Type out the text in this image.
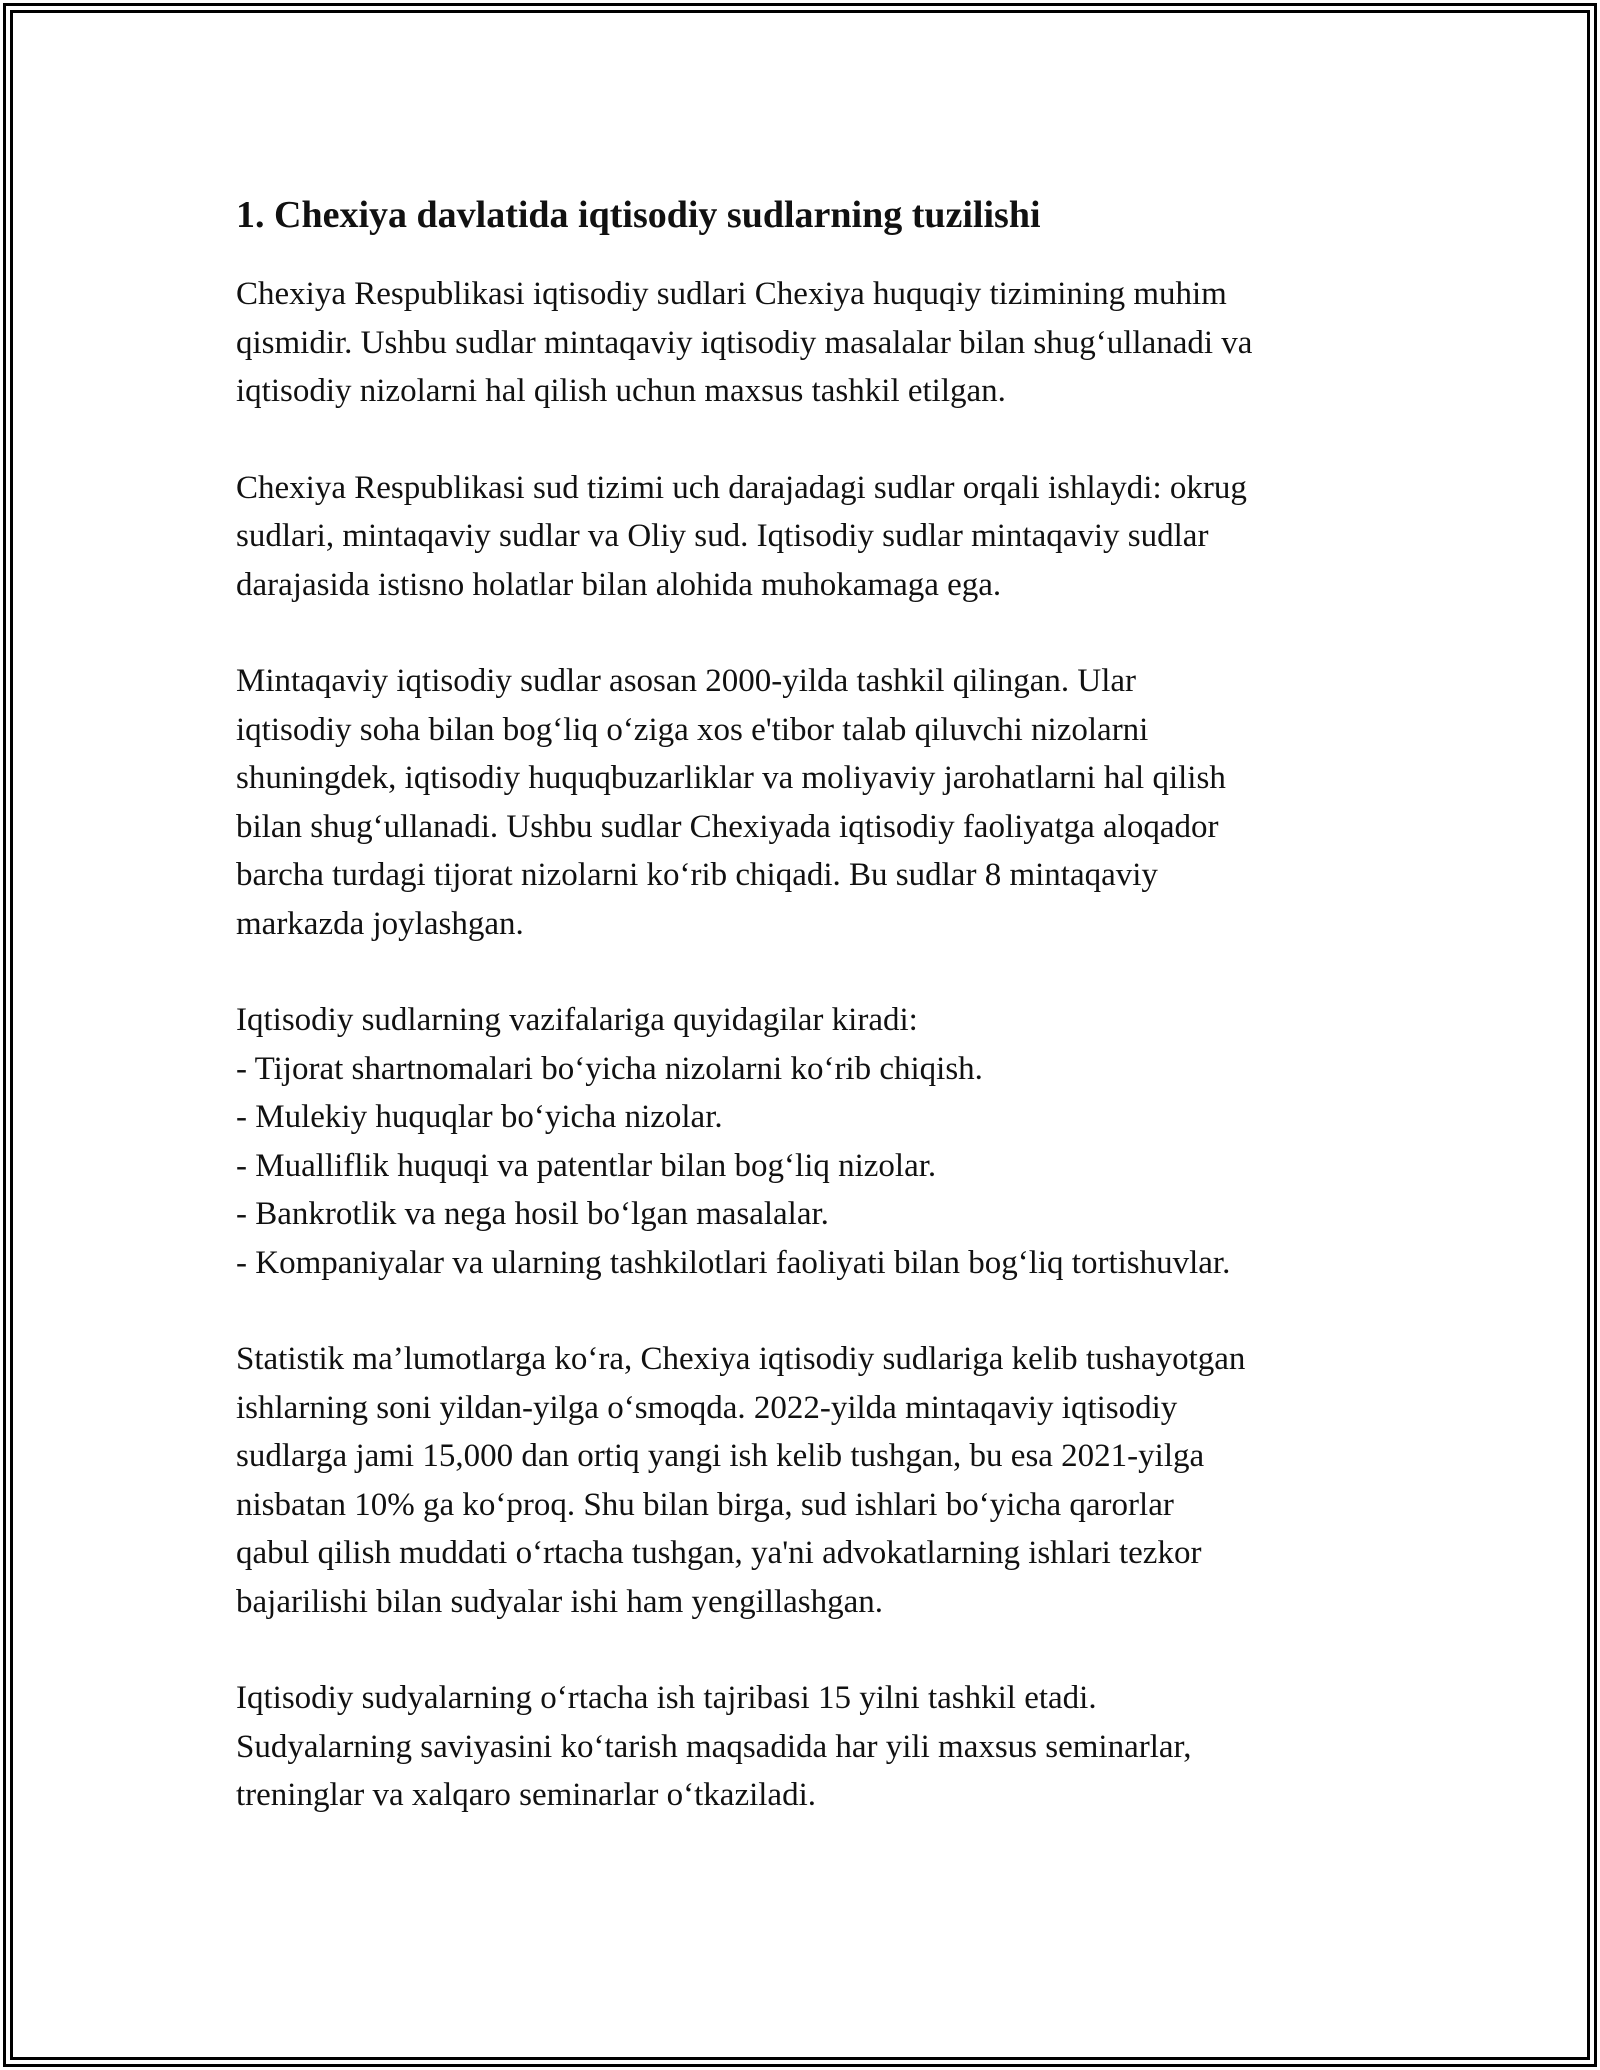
1. Chexiya davlatida iqtisodiy sudlarning tuzilishi

Chexiya Respublikasi iqtisodiy sudlari Chexiya huquqiy tizimining muhim
qismidir. Ushbu sudlar mintaqaviy iqtisodiy masalalar bilan shug‘ullanadi va
iqtisodiy nizolarni hal qilish uchun maxsus tashkil etilgan.

Chexiya Respublikasi sud tizimi uch darajadagi sudlar orqali ishlaydi: okrug
sudlari, mintaqaviy sudlar va Oliy sud. Iqtisodiy sudlar mintaqaviy sudlar
darajasida istisno holatlar bilan alohida muhokamaga ega.

Mintaqaviy iqtisodiy sudlar asosan 2000-yilda tashkil qilingan. Ular
iqtisodiy soha bilan bog‘liq o‘ziga xos e'tibor talab qiluvchi nizolarni
shuningdek, iqtisodiy huquqbuzarliklar va moliyaviy jarohatlarni hal qilish
bilan shug‘ullanadi. Ushbu sudlar Chexiyada iqtisodiy faoliyatga aloqador
barcha turdagi tijorat nizolarni ko‘rib chiqadi. Bu sudlar 8 mintaqaviy
markazda joylashgan.

Iqtisodiy sudlarning vazifalariga quyidagilar kiradi:
- Tijorat shartnomalari bo‘yicha nizolarni ko‘rib chiqish.
- Mulekiy huquqlar bo‘yicha nizolar.
- Mualliflik huquqi va patentlar bilan bog‘liq nizolar.
- Bankrotlik va nega hosil bo‘lgan masalalar.
- Kompaniyalar va ularning tashkilotlari faoliyati bilan bog‘liq tortishuvlar.

Statistik ma’lumotlarga ko‘ra, Chexiya iqtisodiy sudlariga kelib tushayotgan
ishlarning soni yildan-yilga o‘smoqda. 2022-yilda mintaqaviy iqtisodiy
sudlarga jami 15,000 dan ortiq yangi ish kelib tushgan, bu esa 2021-yilga
nisbatan 10% ga ko‘proq. Shu bilan birga, sud ishlari bo‘yicha qarorlar
qabul qilish muddati o‘rtacha tushgan, ya'ni advokatlarning ishlari tezkor
bajarilishi bilan sudyalar ishi ham yengillashgan.

Iqtisodiy sudyalarning o‘rtacha ish tajribasi 15 yilni tashkil etadi.
Sudyalarning saviyasini ko‘tarish maqsadida har yili maxsus seminarlar,
treninglar va xalqaro seminarlar o‘tkaziladi.
